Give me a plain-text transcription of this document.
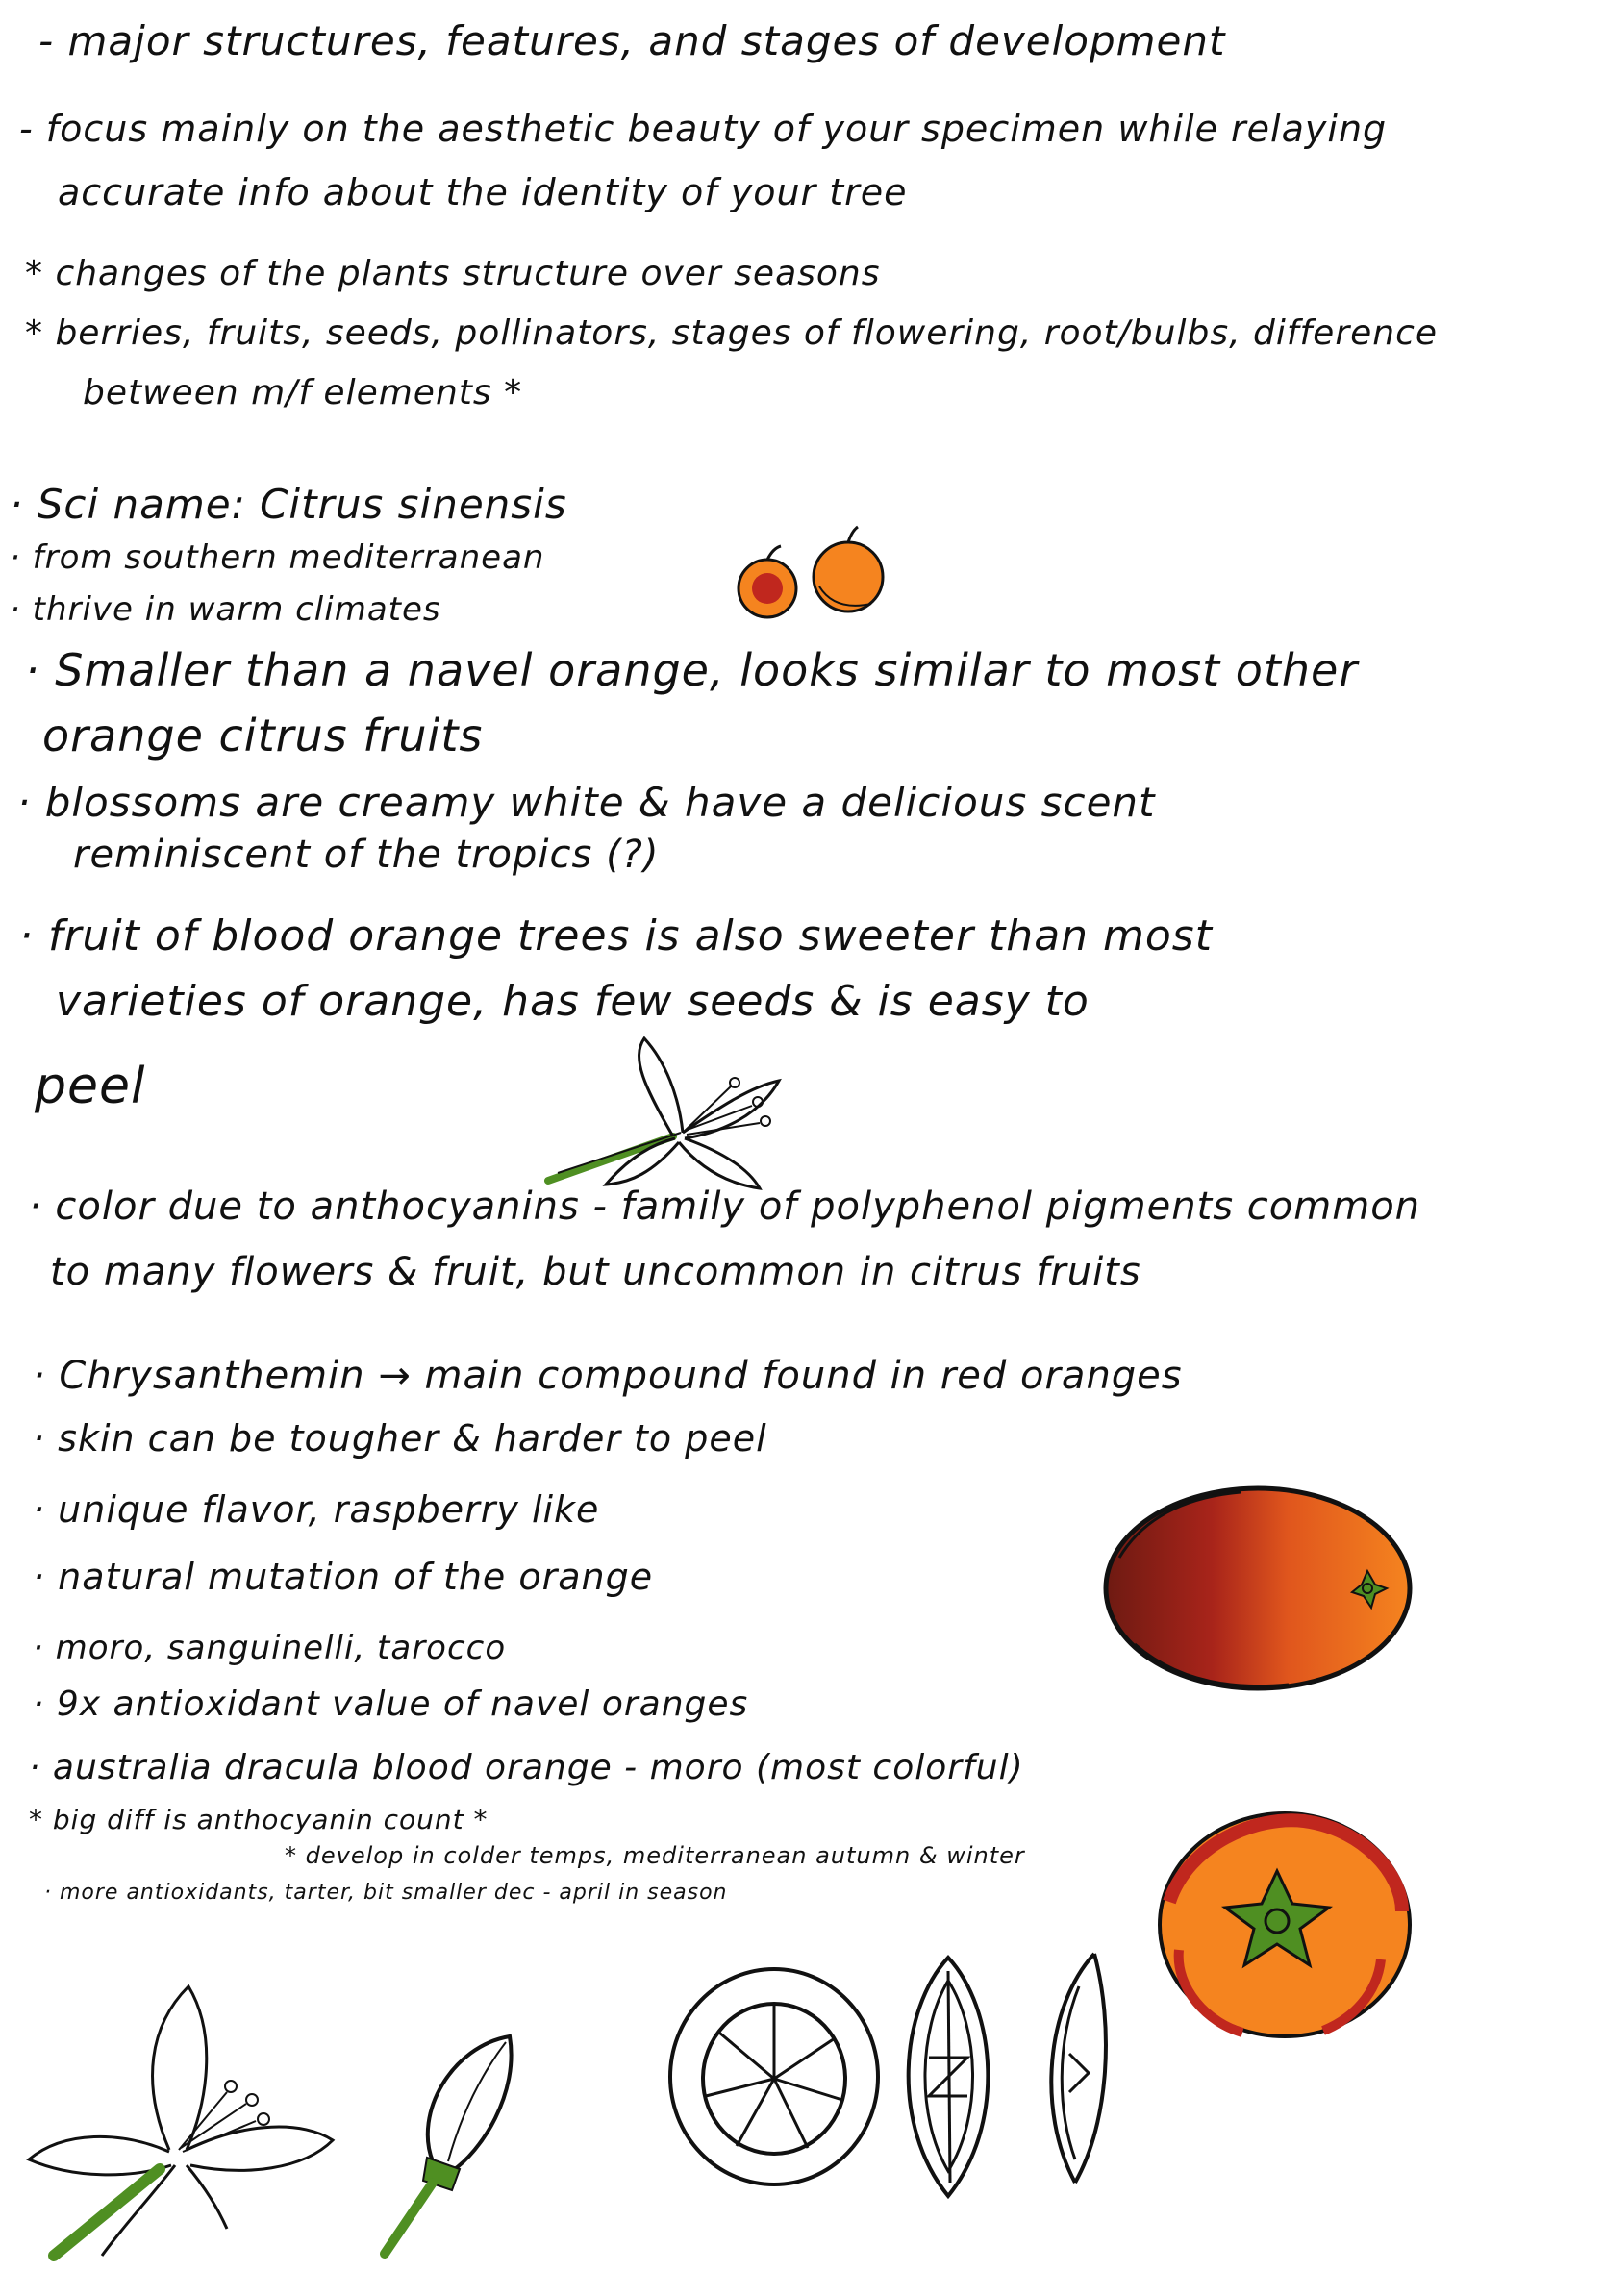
- major structures, features, and stages of development
- focus mainly on the aesthetic beauty of your specimen while relaying
accurate info about the identity of your tree
* changes of the plants structure over seasons
* berries, fruits, seeds, pollinators, stages of flowering, root/bulbs, difference
between m/f elements *
· Sci name: Citrus sinensis
· from southern mediterranean
· thrive in warm climates
· Smaller than a navel orange, looks similar to most other
orange citrus fruits
· blossoms are creamy white & have a delicious scent
reminiscent of the tropics (?)
· fruit of blood orange trees is also sweeter than most
varieties of orange, has few seeds & is easy to
peel
· color due to anthocyanins - family of polyphenol pigments common
to many flowers & fruit, but uncommon in citrus fruits
· Chrysanthemin → main compound found in red oranges
· skin can be tougher & harder to peel
· unique flavor, raspberry like
· natural mutation of the orange
· moro, sanguinelli, tarocco
· 9x antioxidant value of navel oranges
· australia dracula blood orange - moro (most colorful)
* big diff is anthocyanin count *
* develop in colder temps, mediterranean autumn & winter
· more antioxidants, tarter, bit smaller dec - april in season
